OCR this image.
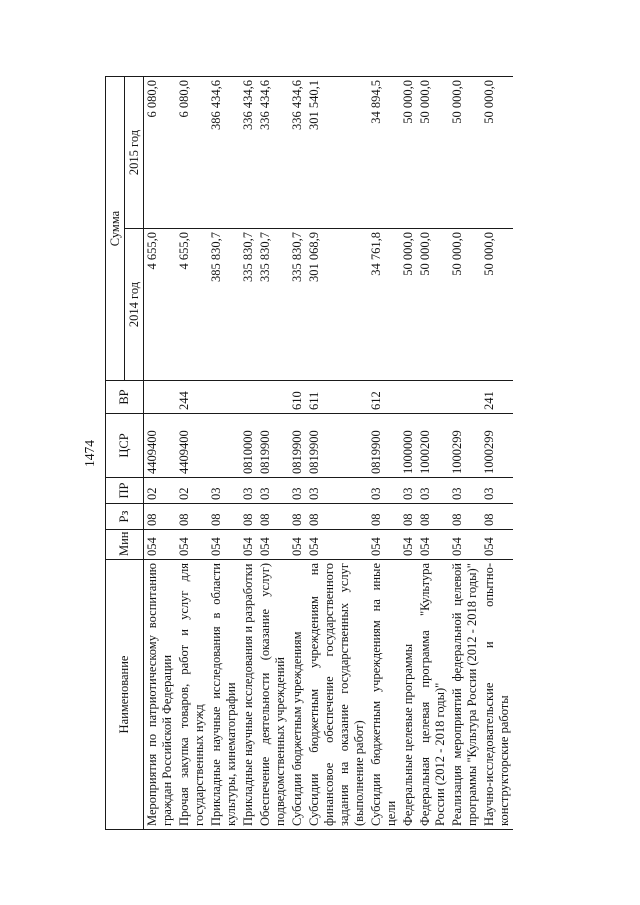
1474
Наименование	Мин	Рз	ПР	ЦСР	ВР	Сумма	
						2014 год	2015 год
Мероприятия по патриотическому воспитанию граждан Российской Федерации	054	08	02	4409400		4 655,0	6 080,0
Прочая закупка товаров, работ и услуг для государственных нужд	054	08	02	4409400	244	4 655,0	6 080,0
Прикладные научные исследования в области культуры, кинематографии	054	08	03			385 830,7	386 434,6
Прикладные научные исследования и разработки	054	08	03	0810000		335 830,7	336 434,6
Обеспечение деятельности (оказание услуг) подведомственных учреждений	054	08	03	0819900		335 830,7	336 434,6
Субсидии бюджетным учреждениям	054	08	03	0819900	610	335 830,7	336 434,6
Субсидии бюджетным учреждениям на финансовое обеспечение государственного задания на оказание государственных услуг (выполнение работ)	054	08	03	0819900	611	301 068,9	301 540,1
Субсидии бюджетным учреждениям на иные цели	054	08	03	0819900	612	34 761,8	34 894,5
Федеральные целевые программы	054	08	03	1000000		50 000,0	50 000,0
Федеральная целевая программа "Культура России (2012 - 2018 годы)"	054	08	03	1000200		50 000,0	50 000,0
Реализация мероприятий федеральной целевой программы "Культура России (2012 - 2018 годы)"	054	08	03	1000299		50 000,0	50 000,0
Научно-исследовательские и опытно-конструкторские работы	054	08	03	1000299	241	50 000,0	50 000,0
